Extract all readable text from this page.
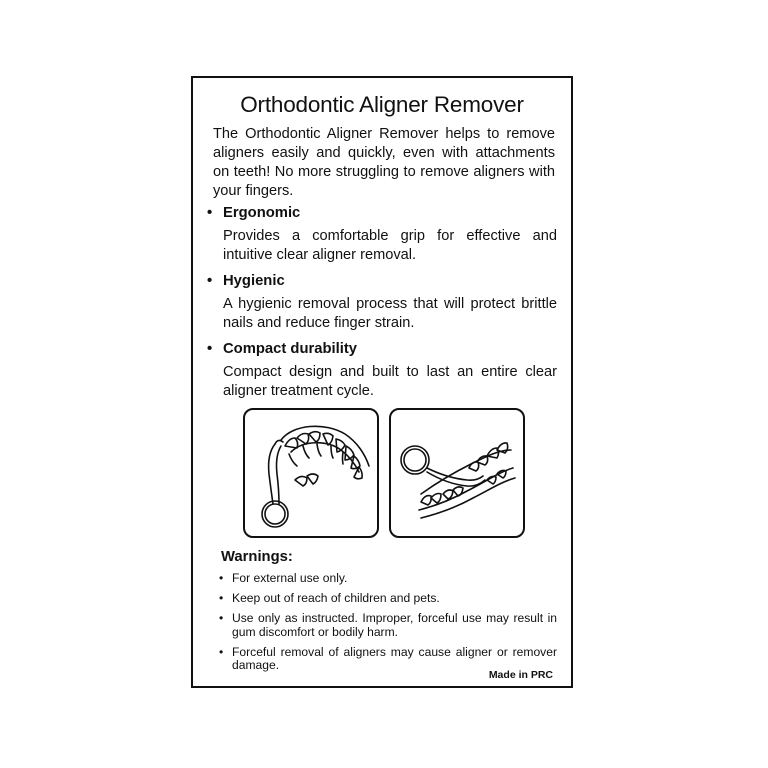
Orthodontic Aligner Remover
The Orthodontic Aligner Remover helps to remove aligners easily and quickly, even with attachments on teeth! No more struggling to remove aligners with your fingers.
• Ergonomic
Provides a comfortable grip for effective and intuitive clear aligner removal.
• Hygienic
A hygienic removal process that will protect brittle nails and reduce finger strain.
• Compact durability
Compact design and built to last an entire clear aligner treatment cycle.
Warnings:
• For external use only.
• Keep out of reach of children and pets.
• Use only as instructed. Improper, forceful use may result in gum discomfort or bodily harm.
• Forceful removal of aligners may cause aligner or remover damage.
Made in PRC
